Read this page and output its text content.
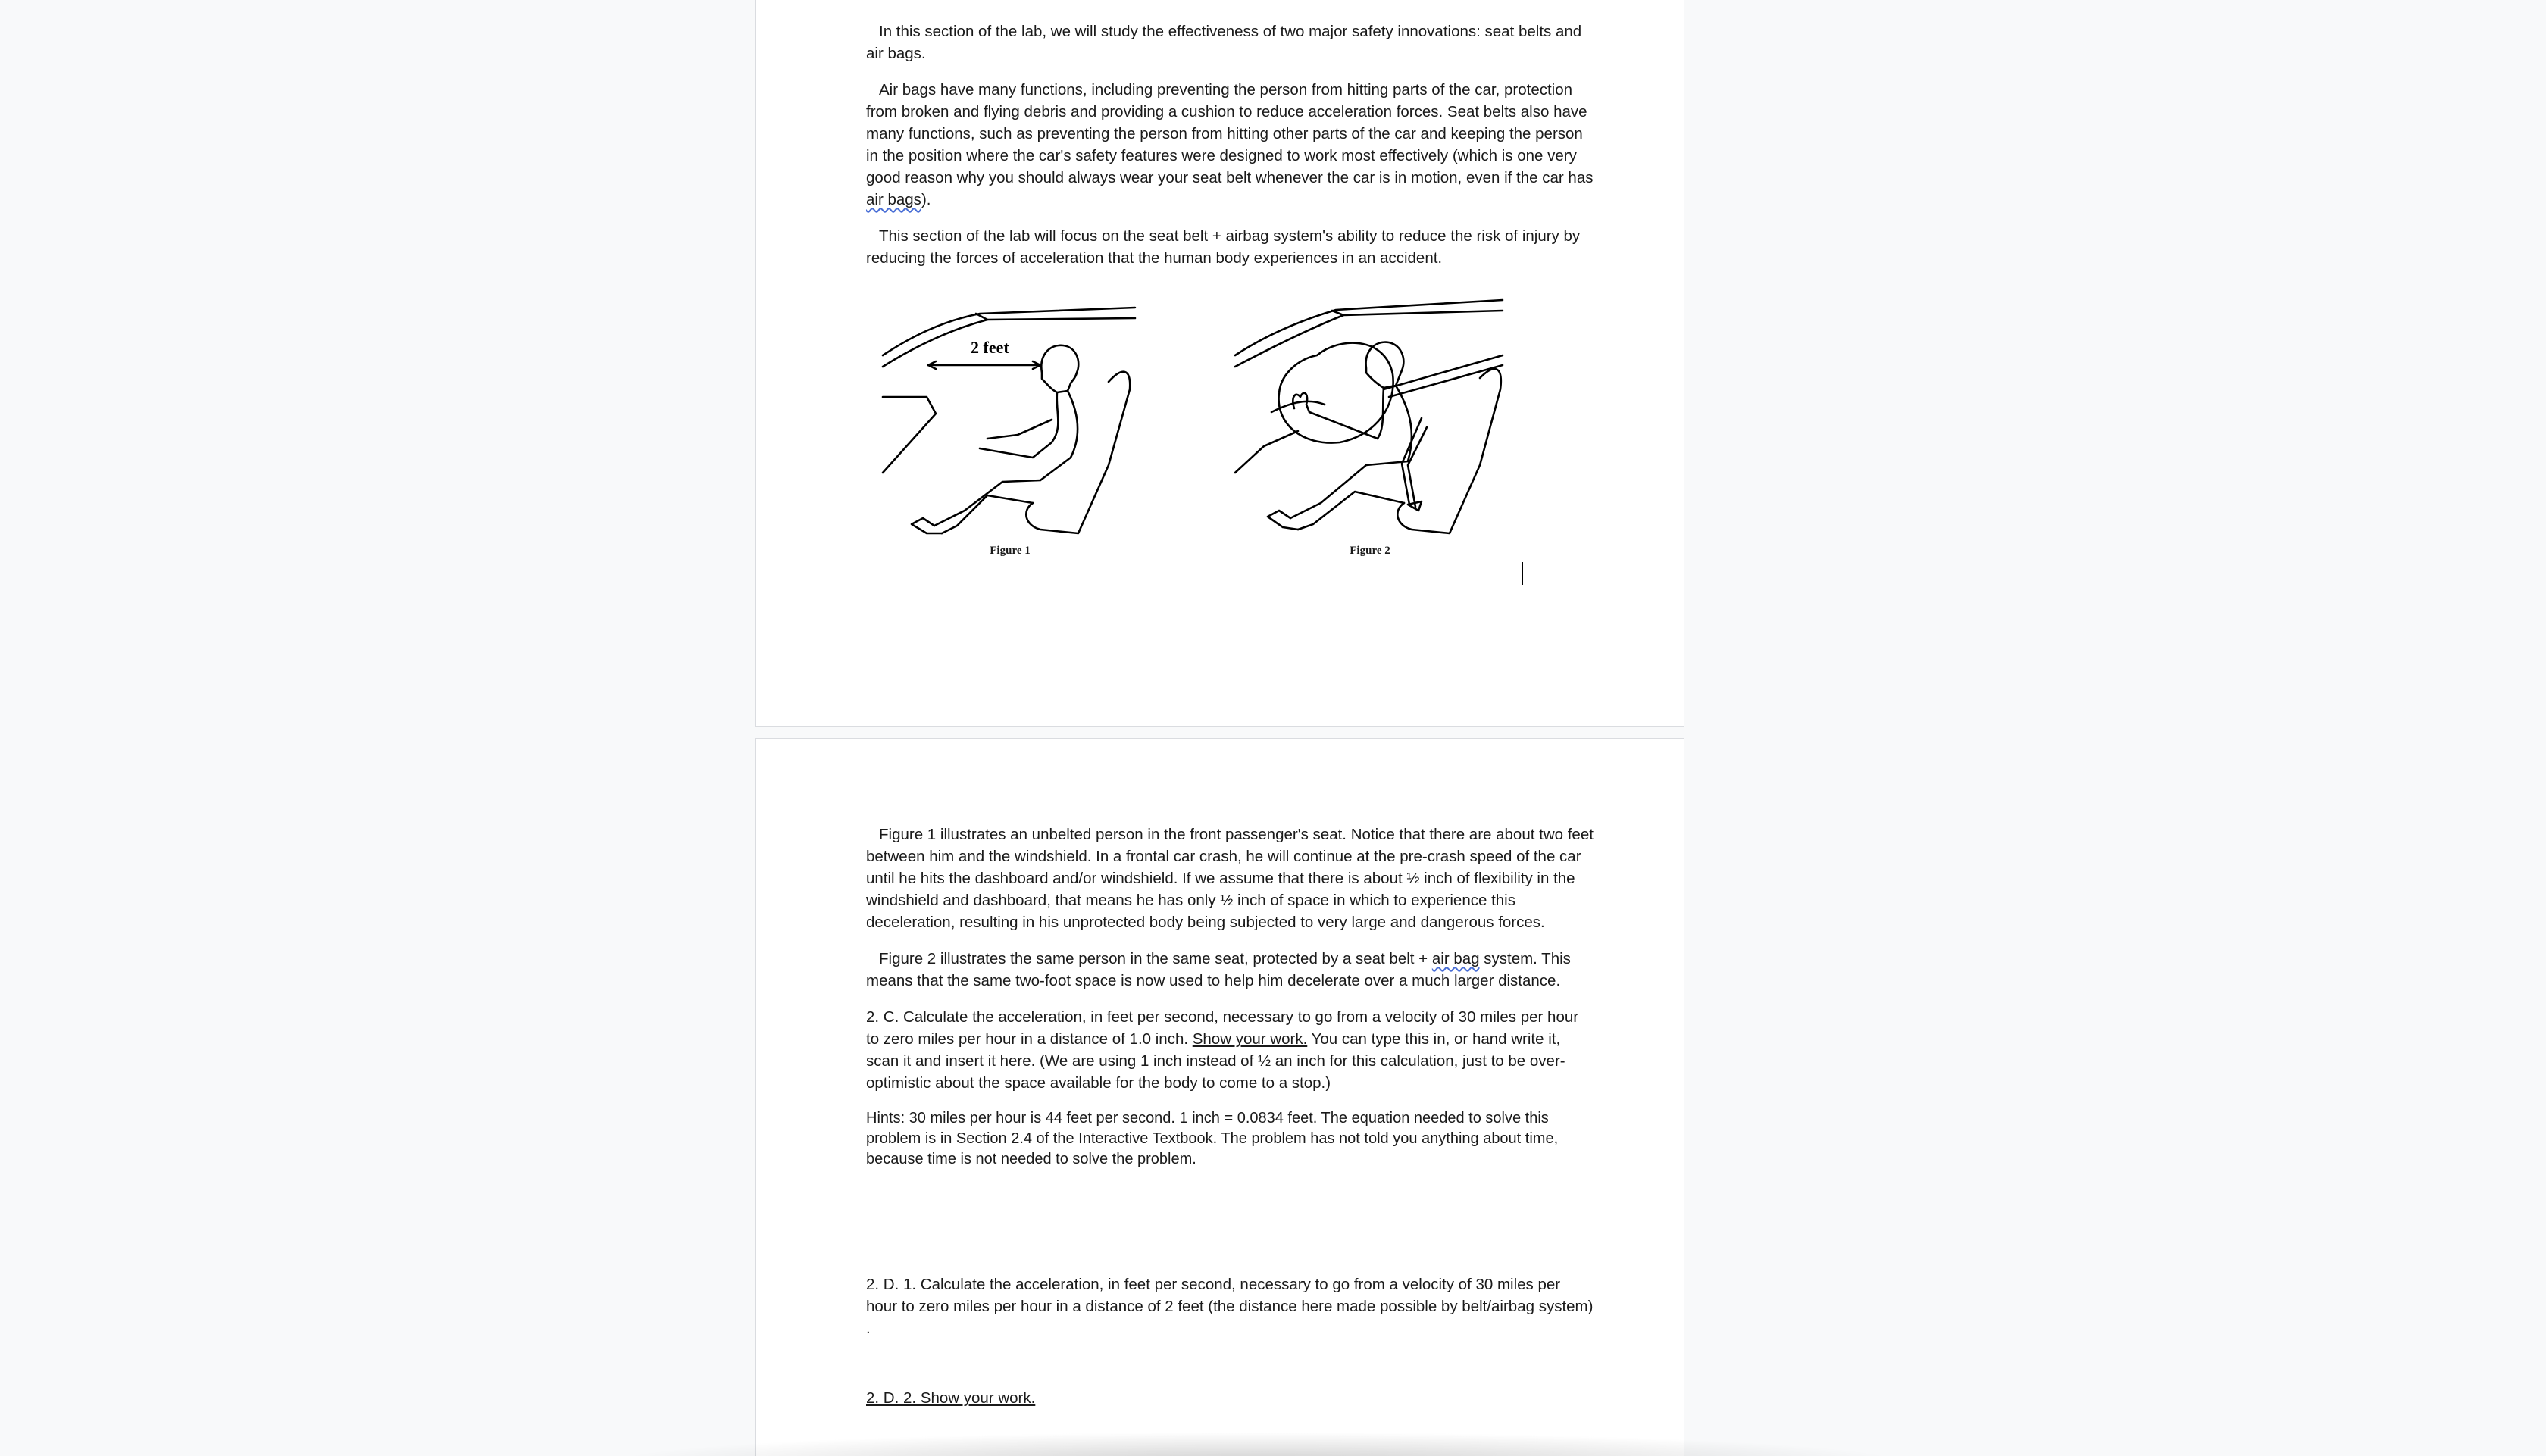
In this section of the lab, we will study the effectiveness of two major safety innovations: seat belts and air bags.

Air bags have many functions, including preventing the person from hitting parts of the car, protection from broken and flying debris and providing a cushion to reduce acceleration forces. Seat belts also have many functions, such as preventing the person from hitting other parts of the car and keeping the person in the position where the car's safety features were designed to work most effectively (which is one very good reason why you should always wear your seat belt whenever the car is in motion, even if the car has air bags).

This section of the lab will focus on the seat belt + airbag system's ability to reduce the risk of injury by reducing the forces of acceleration that the human body experiences in an accident.

2 feet
Figure 1	Figure 2

Figure 1 illustrates an unbelted person in the front passenger's seat. Notice that there are about two feet between him and the windshield. In a frontal car crash, he will continue at the pre-crash speed of the car until he hits the dashboard and/or windshield. If we assume that there is about ½ inch of flexibility in the windshield and dashboard, that means he has only ½ inch of space in which to experience this deceleration, resulting in his unprotected body being subjected to very large and dangerous forces.

Figure 2 illustrates the same person in the same seat, protected by a seat belt + air bag system. This means that the same two-foot space is now used to help him decelerate over a much larger distance.

2. C. Calculate the acceleration, in feet per second, necessary to go from a velocity of 30 miles per hour to zero miles per hour in a distance of 1.0 inch. Show your work. You can type this in, or hand write it, scan it and insert it here. (We are using 1 inch instead of ½ an inch for this calculation, just to be over-optimistic about the space available for the body to come to a stop.)

Hints: 30 miles per hour is 44 feet per second. 1 inch = 0.0834 feet. The equation needed to solve this problem is in Section 2.4 of the Interactive Textbook. The problem has not told you anything about time, because time is not needed to solve the problem.

2. D. 1. Calculate the acceleration, in feet per second, necessary to go from a velocity of 30 miles per hour to zero miles per hour in a distance of 2 feet (the distance here made possible by belt/airbag system) .

2. D. 2. Show your work.
